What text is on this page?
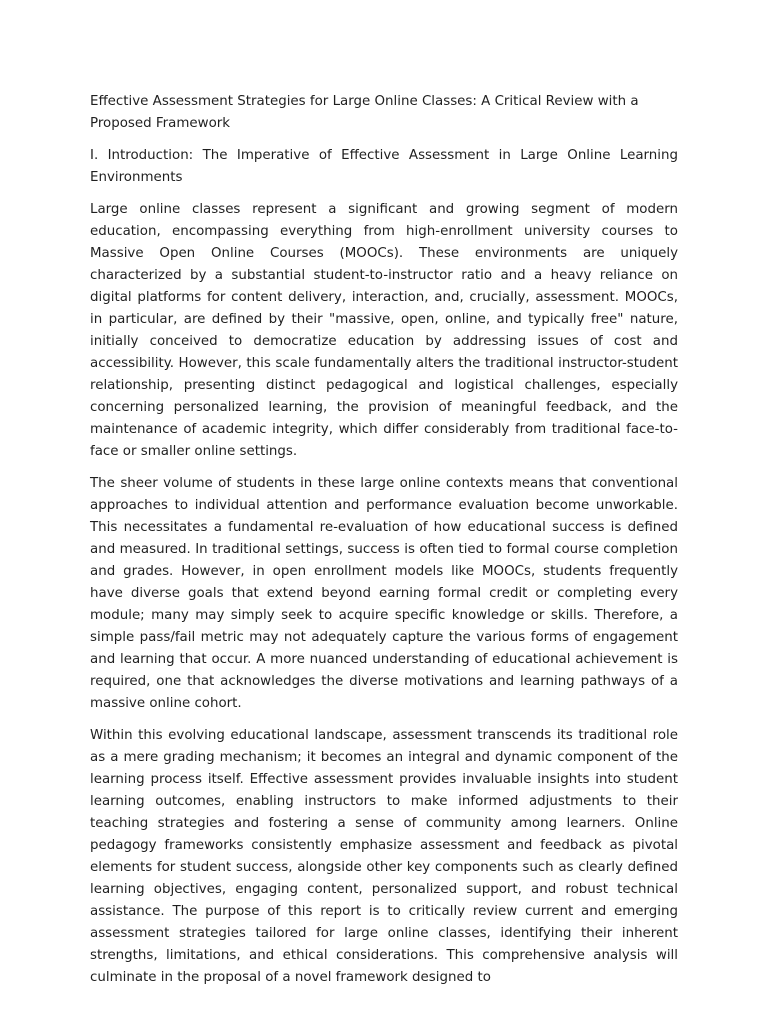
Effective Assessment Strategies for Large Online Classes: A Critical Review with a Proposed Framework

I. Introduction: The Imperative of Effective Assessment in Large Online Learning Environments

Large online classes represent a significant and growing segment of modern education, encompassing everything from high-enrollment university courses to Massive Open Online Courses (MOOCs). These environments are uniquely characterized by a substantial student-to-instructor ratio and a heavy reliance on digital platforms for content delivery, interaction, and, crucially, assessment. MOOCs, in particular, are defined by their "massive, open, online, and typically free" nature, initially conceived to democratize education by addressing issues of cost and accessibility. However, this scale fundamentally alters the traditional instructor-student relationship, presenting distinct pedagogical and logistical challenges, especially concerning personalized learning, the provision of meaningful feedback, and the maintenance of academic integrity, which differ considerably from traditional face-to-face or smaller online settings.

The sheer volume of students in these large online contexts means that conventional approaches to individual attention and performance evaluation become unworkable. This necessitates a fundamental re-evaluation of how educational success is defined and measured. In traditional settings, success is often tied to formal course completion and grades. However, in open enrollment models like MOOCs, students frequently have diverse goals that extend beyond earning formal credit or completing every module; many may simply seek to acquire specific knowledge or skills. Therefore, a simple pass/fail metric may not adequately capture the various forms of engagement and learning that occur. A more nuanced understanding of educational achievement is required, one that acknowledges the diverse motivations and learning pathways of a massive online cohort.

Within this evolving educational landscape, assessment transcends its traditional role as a mere grading mechanism; it becomes an integral and dynamic component of the learning process itself. Effective assessment provides invaluable insights into student learning outcomes, enabling instructors to make informed adjustments to their teaching strategies and fostering a sense of community among learners. Online pedagogy frameworks consistently emphasize assessment and feedback as pivotal elements for student success, alongside other key components such as clearly defined learning objectives, engaging content, personalized support, and robust technical assistance. The purpose of this report is to critically review current and emerging assessment strategies tailored for large online classes, identifying their inherent strengths, limitations, and ethical considerations. This comprehensive analysis will culminate in the proposal of a novel framework designed to
